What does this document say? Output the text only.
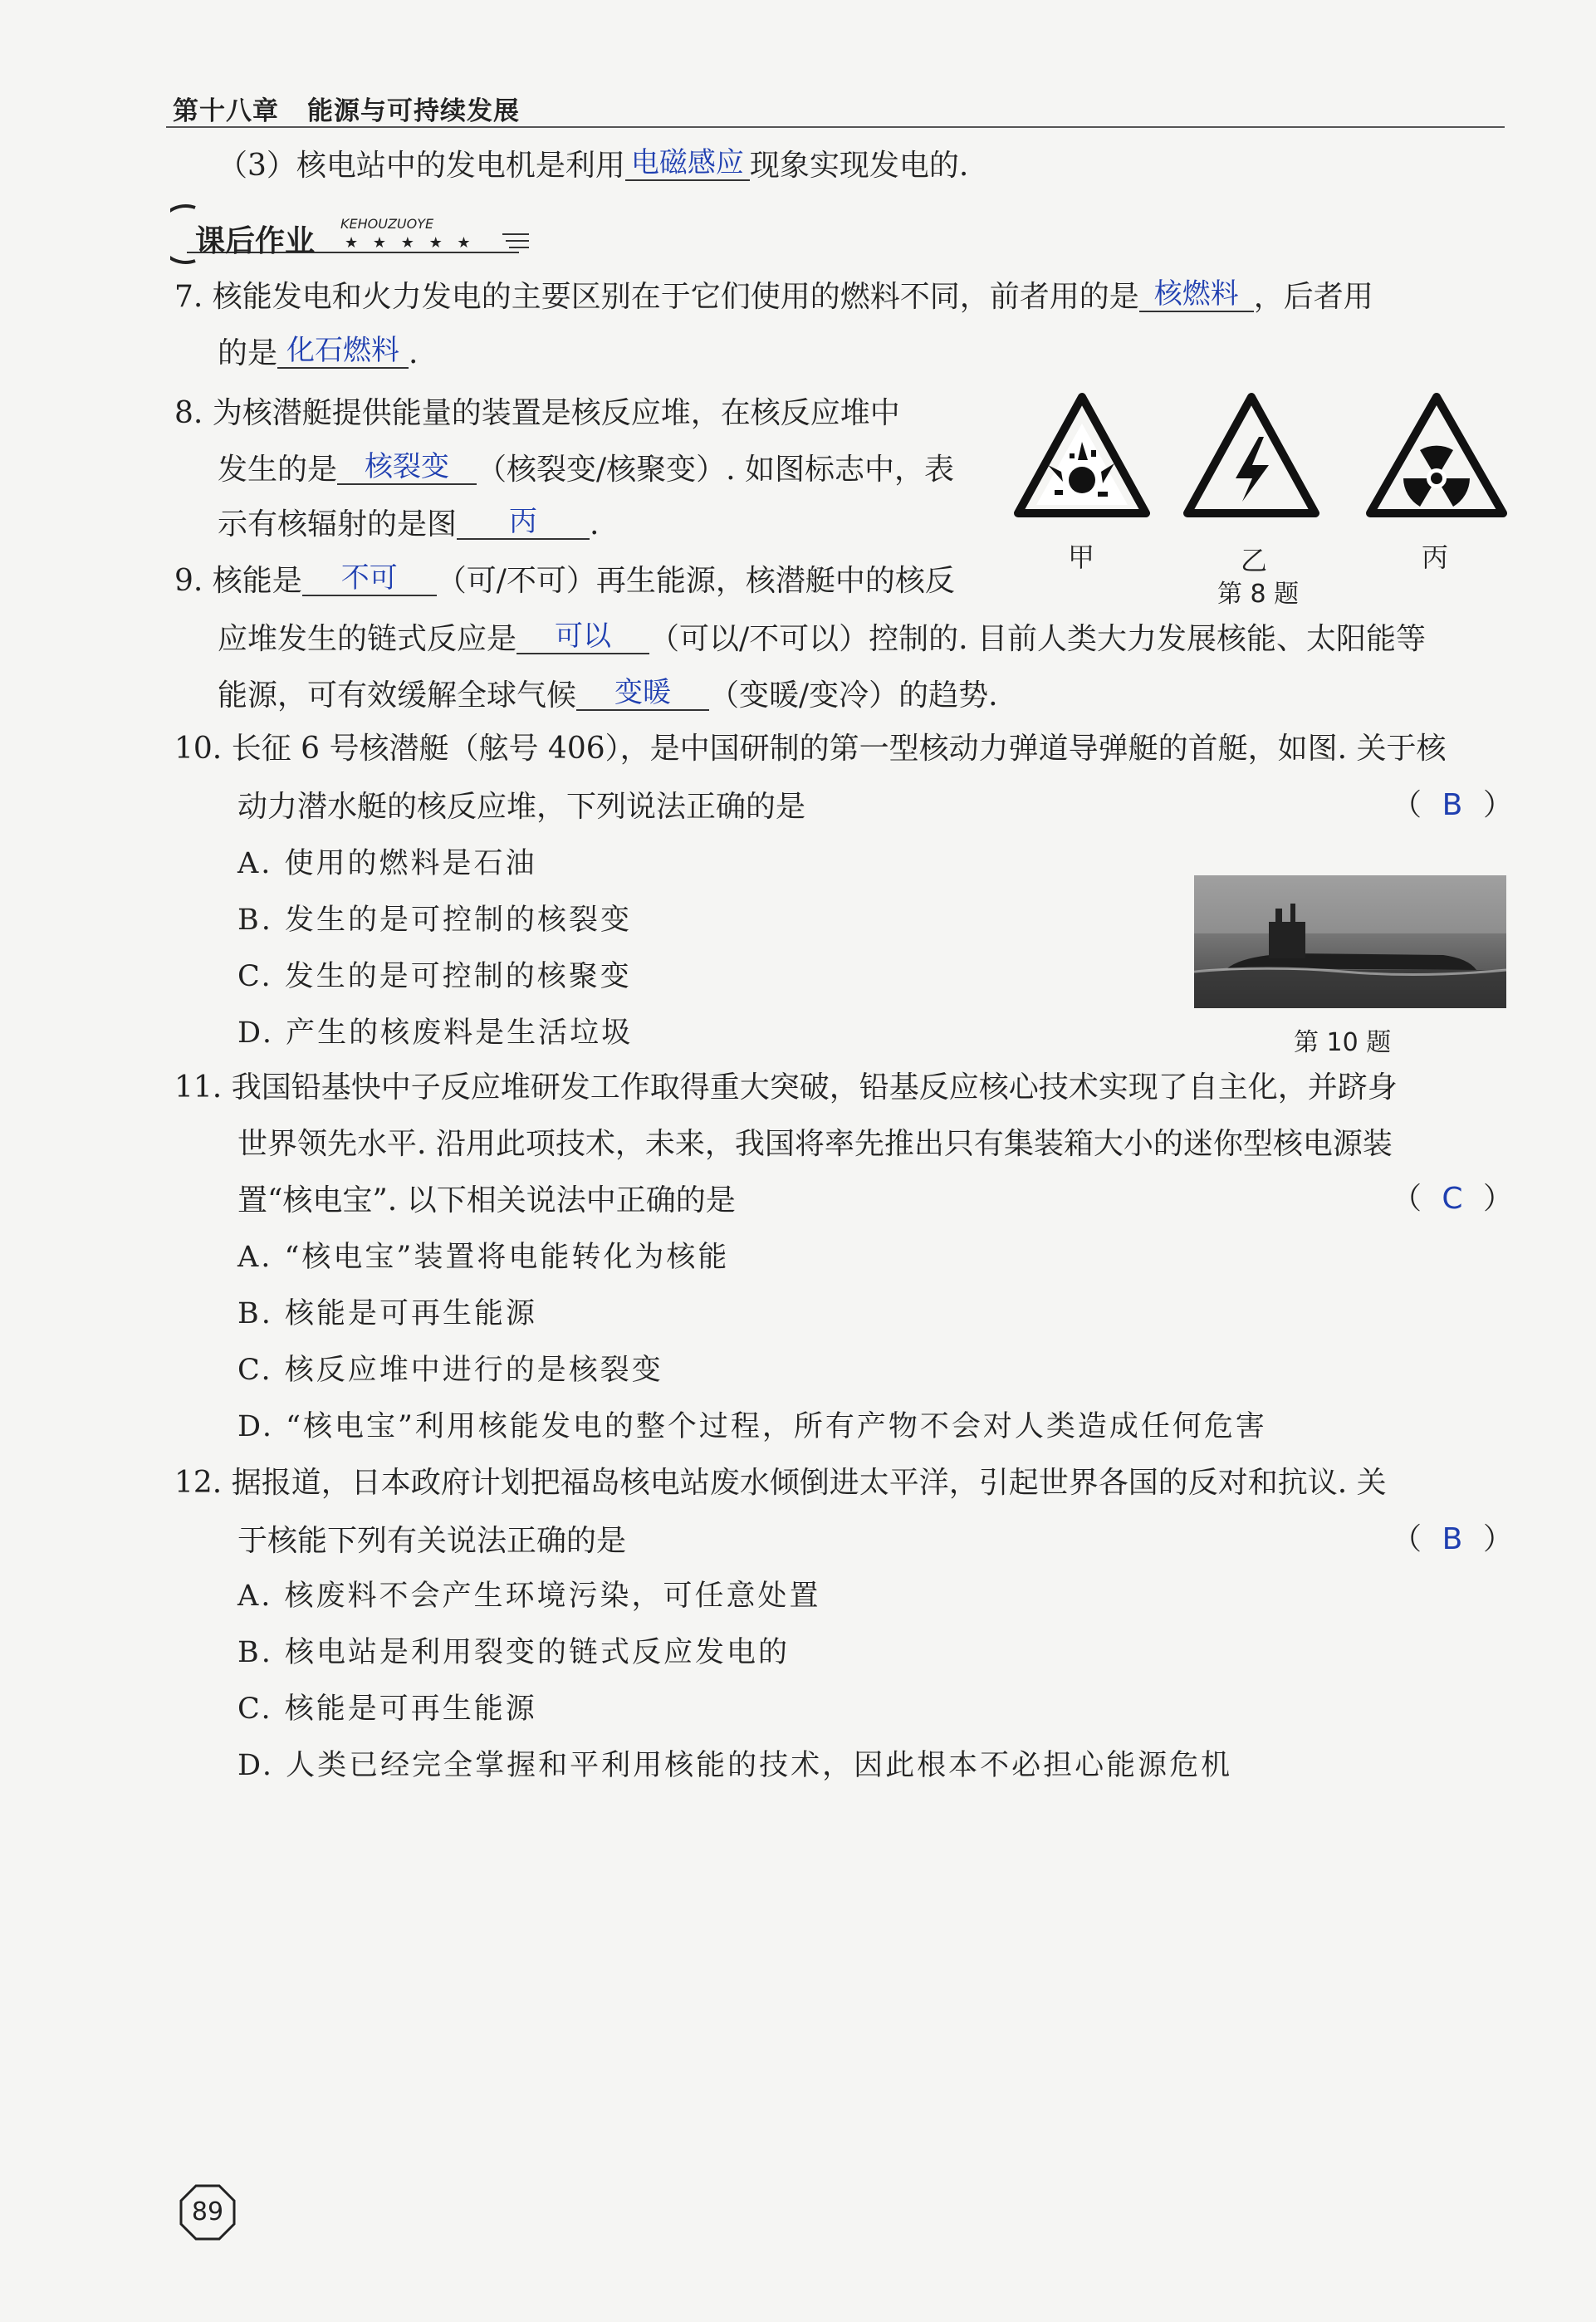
第十八章 能源与可持续发展
（3）核电站中的发电机是利用 电磁感应 现象实现发电的.
课后作业
KEHOUZUOYE
★ ★ ★ ★ ★
7. 核能发电和火力发电的主要区别在于它们使用的燃料不同，前者用的是 核燃料 ，后者用
的是 化石燃料 .
8. 为核潜艇提供能量的装置是核反应堆，在核反应堆中
发生的是 核裂变 （核裂变/核聚变）. 如图标志中，表
示有核辐射的是图 丙 .
甲	乙	丙
第 8 题
9. 核能是 不可 （可/不可）再生能源，核潜艇中的核反
应堆发生的链式反应是 可以 （可以/不可以）控制的. 目前人类大力发展核能、太阳能等
能源，可有效缓解全球气候 变暖 （变暖/变冷）的趋势.
10. 长征 6 号核潜艇（舷号 406），是中国研制的第一型核动力弹道导弹艇的首艇，如图. 关于核
动力潜水艇的核反应堆，下列说法正确的是	（ B ）
A. 使用的燃料是石油
B. 发生的是可控制的核裂变
C. 发生的是可控制的核聚变
D. 产生的核废料是生活垃圾	第 10 题
11. 我国铅基快中子反应堆研发工作取得重大突破，铅基反应核心技术实现了自主化，并跻身
世界领先水平. 沿用此项技术，未来，我国将率先推出只有集装箱大小的迷你型核电源装
置“核电宝”. 以下相关说法中正确的是	（ C ）
A. “核电宝”装置将电能转化为核能
B. 核能是可再生能源
C. 核反应堆中进行的是核裂变
D. “核电宝”利用核能发电的整个过程，所有产物不会对人类造成任何危害
12. 据报道，日本政府计划把福岛核电站废水倾倒进太平洋，引起世界各国的反对和抗议. 关
于核能下列有关说法正确的是	（ B ）
A. 核废料不会产生环境污染，可任意处置
B. 核电站是利用裂变的链式反应发电的
C. 核能是可再生能源
D. 人类已经完全掌握和平利用核能的技术，因此根本不必担心能源危机
89
